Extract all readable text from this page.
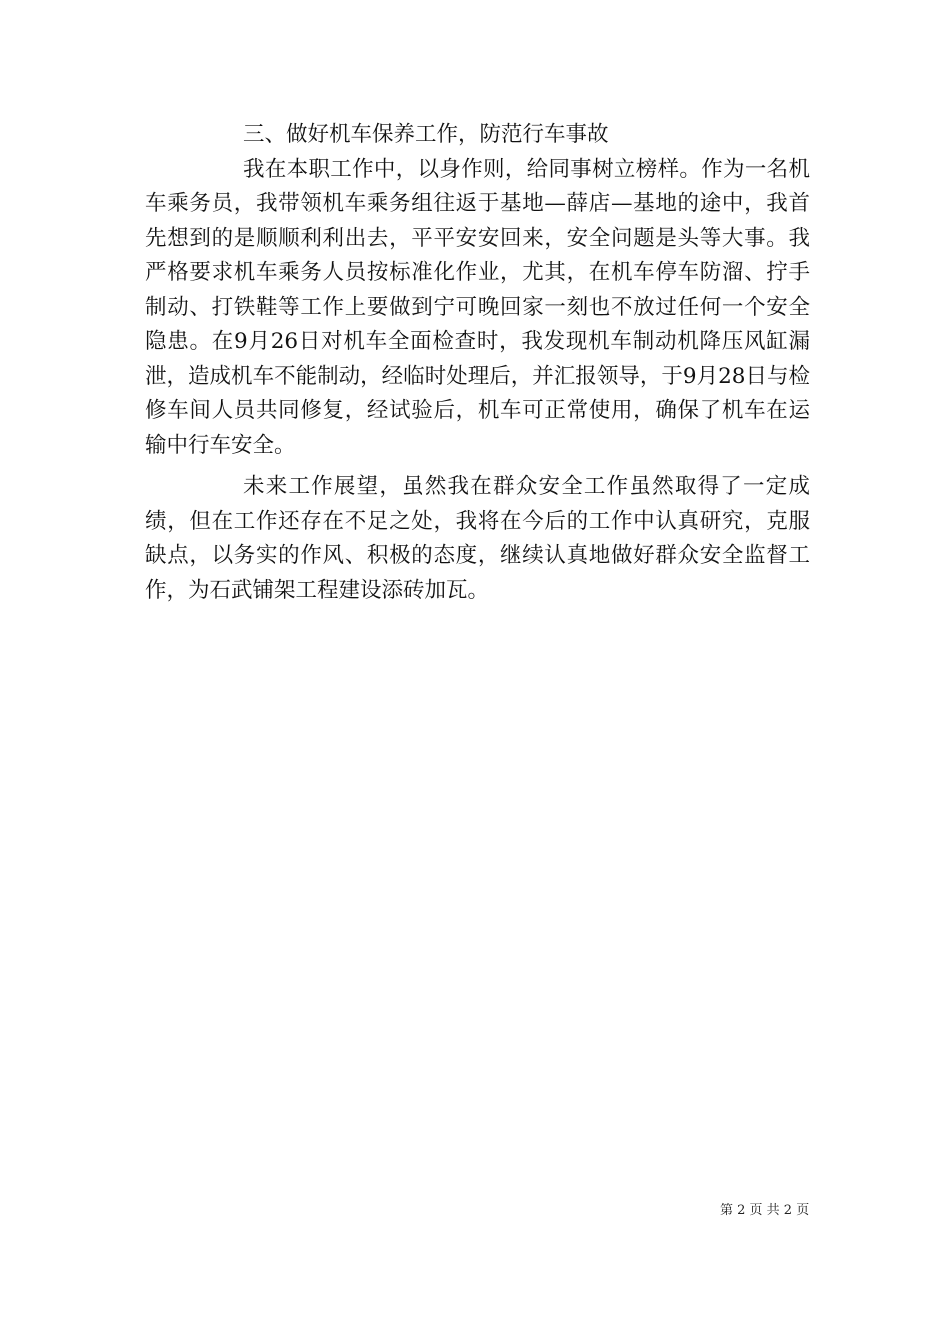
三、做好机车保养工作，防范行车事故

我在本职工作中，以身作则，给同事树立榜样。作为一名机车乘务员，我带领机车乘务组往返于基地—薛店—基地的途中，我首先想到的是顺顺利利出去，平平安安回来，安全问题是头等大事。我严格要求机车乘务人员按标准化作业，尤其，在机车停车防溜、拧手制动、打铁鞋等工作上要做到宁可晚回家一刻也不放过任何一个安全隐患。在9月26日对机车全面检查时，我发现机车制动机降压风缸漏泄，造成机车不能制动，经临时处理后，并汇报领导，于9月28日与检修车间人员共同修复，经试验后，机车可正常使用，确保了机车在运输中行车安全。

未来工作展望，虽然我在群众安全工作虽然取得了一定成绩，但在工作还存在不足之处，我将在今后的工作中认真研究，克服缺点，以务实的作风、积极的态度，继续认真地做好群众安全监督工作，为石武铺架工程建设添砖加瓦。

第 2 页 共 2 页
